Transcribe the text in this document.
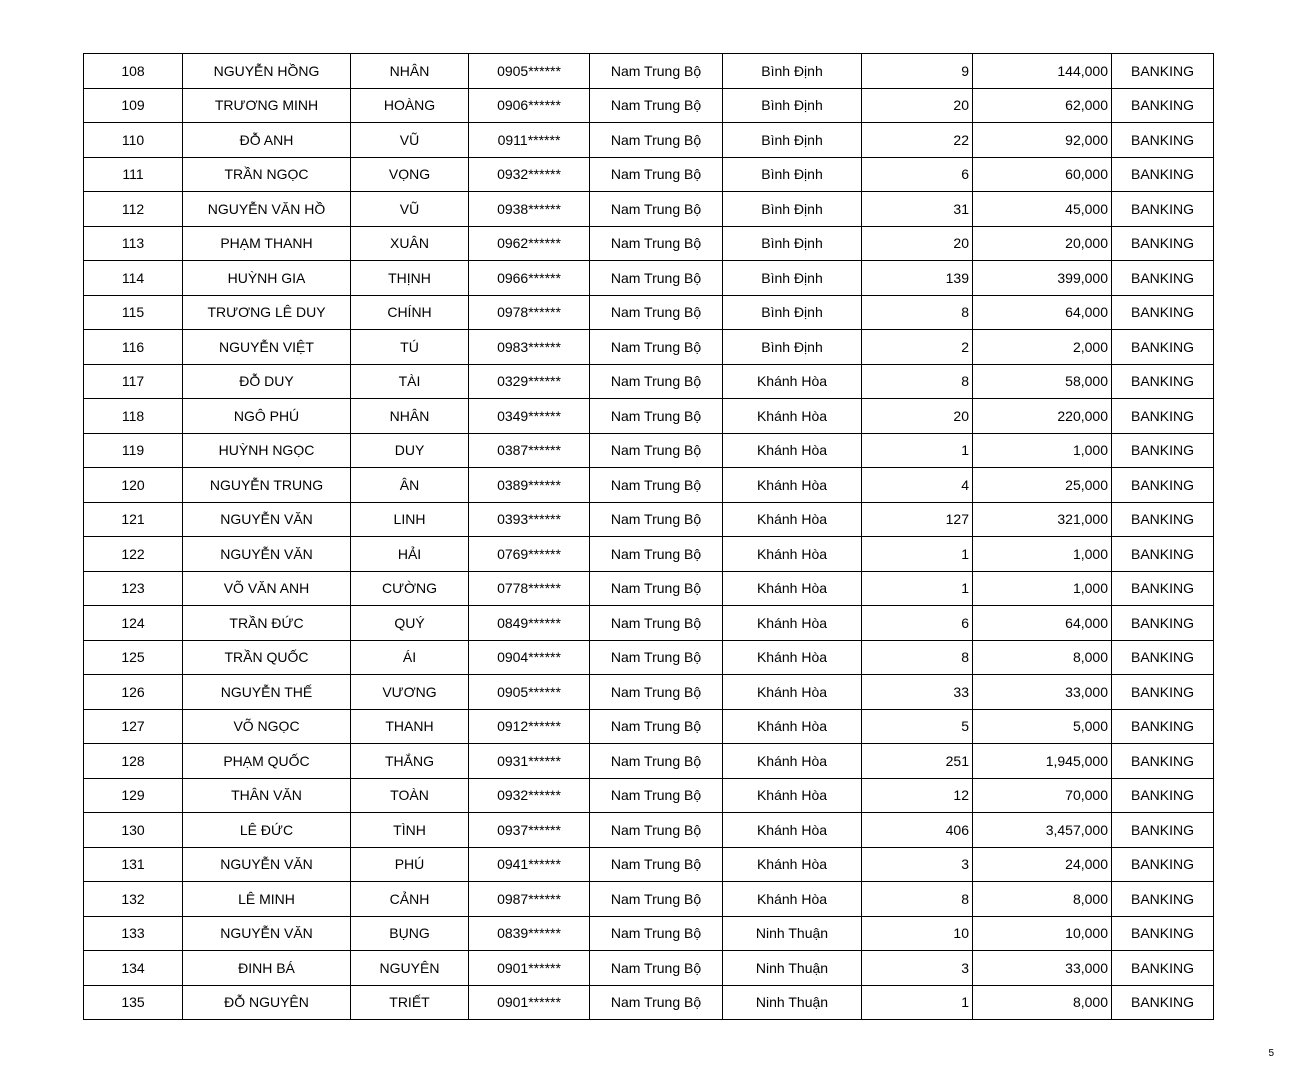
108	NGUYỄN HỒNG	NHÂN	0905******	Nam Trung Bộ	Bình Định	9	144,000	BANKING
109	TRƯƠNG MINH	HOÀNG	0906******	Nam Trung Bộ	Bình Định	20	62,000	BANKING
110	ĐỖ ANH	VŨ	0911******	Nam Trung Bộ	Bình Định	22	92,000	BANKING
111	TRẦN NGỌC	VỌNG	0932******	Nam Trung Bộ	Bình Định	6	60,000	BANKING
112	NGUYỄN VĂN HỒ	VŨ	0938******	Nam Trung Bộ	Bình Định	31	45,000	BANKING
113	PHẠM THANH	XUÂN	0962******	Nam Trung Bộ	Bình Định	20	20,000	BANKING
114	HUỲNH GIA	THỊNH	0966******	Nam Trung Bộ	Bình Định	139	399,000	BANKING
115	TRƯƠNG LÊ DUY	CHÍNH	0978******	Nam Trung Bộ	Bình Định	8	64,000	BANKING
116	NGUYỄN VIỆT	TÚ	0983******	Nam Trung Bộ	Bình Định	2	2,000	BANKING
117	ĐỖ DUY	TÀI	0329******	Nam Trung Bộ	Khánh Hòa	8	58,000	BANKING
118	NGÔ PHÚ	NHÂN	0349******	Nam Trung Bộ	Khánh Hòa	20	220,000	BANKING
119	HUỲNH NGỌC	DUY	0387******	Nam Trung Bộ	Khánh Hòa	1	1,000	BANKING
120	NGUYỄN TRUNG	ÂN	0389******	Nam Trung Bộ	Khánh Hòa	4	25,000	BANKING
121	NGUYỄN VĂN	LINH	0393******	Nam Trung Bộ	Khánh Hòa	127	321,000	BANKING
122	NGUYỄN VĂN	HẢI	0769******	Nam Trung Bộ	Khánh Hòa	1	1,000	BANKING
123	VÕ VĂN ANH	CƯỜNG	0778******	Nam Trung Bộ	Khánh Hòa	1	1,000	BANKING
124	TRẦN ĐỨC	QUÝ	0849******	Nam Trung Bộ	Khánh Hòa	6	64,000	BANKING
125	TRẦN QUỐC	ÁI	0904******	Nam Trung Bộ	Khánh Hòa	8	8,000	BANKING
126	NGUYỄN THẾ	VƯƠNG	0905******	Nam Trung Bộ	Khánh Hòa	33	33,000	BANKING
127	VÕ NGỌC	THANH	0912******	Nam Trung Bộ	Khánh Hòa	5	5,000	BANKING
128	PHẠM QUỐC	THẮNG	0931******	Nam Trung Bộ	Khánh Hòa	251	1,945,000	BANKING
129	THÂN VĂN	TOÀN	0932******	Nam Trung Bộ	Khánh Hòa	12	70,000	BANKING
130	LÊ ĐỨC	TÌNH	0937******	Nam Trung Bộ	Khánh Hòa	406	3,457,000	BANKING
131	NGUYỄN VĂN	PHÚ	0941******	Nam Trung Bộ	Khánh Hòa	3	24,000	BANKING
132	LÊ MINH	CẢNH	0987******	Nam Trung Bộ	Khánh Hòa	8	8,000	BANKING
133	NGUYỄN VĂN	BỤNG	0839******	Nam Trung Bộ	Ninh Thuận	10	10,000	BANKING
134	ĐINH BÁ	NGUYÊN	0901******	Nam Trung Bộ	Ninh Thuận	3	33,000	BANKING
135	ĐỖ NGUYÊN	TRIẾT	0901******	Nam Trung Bộ	Ninh Thuận	1	8,000	BANKING
5
